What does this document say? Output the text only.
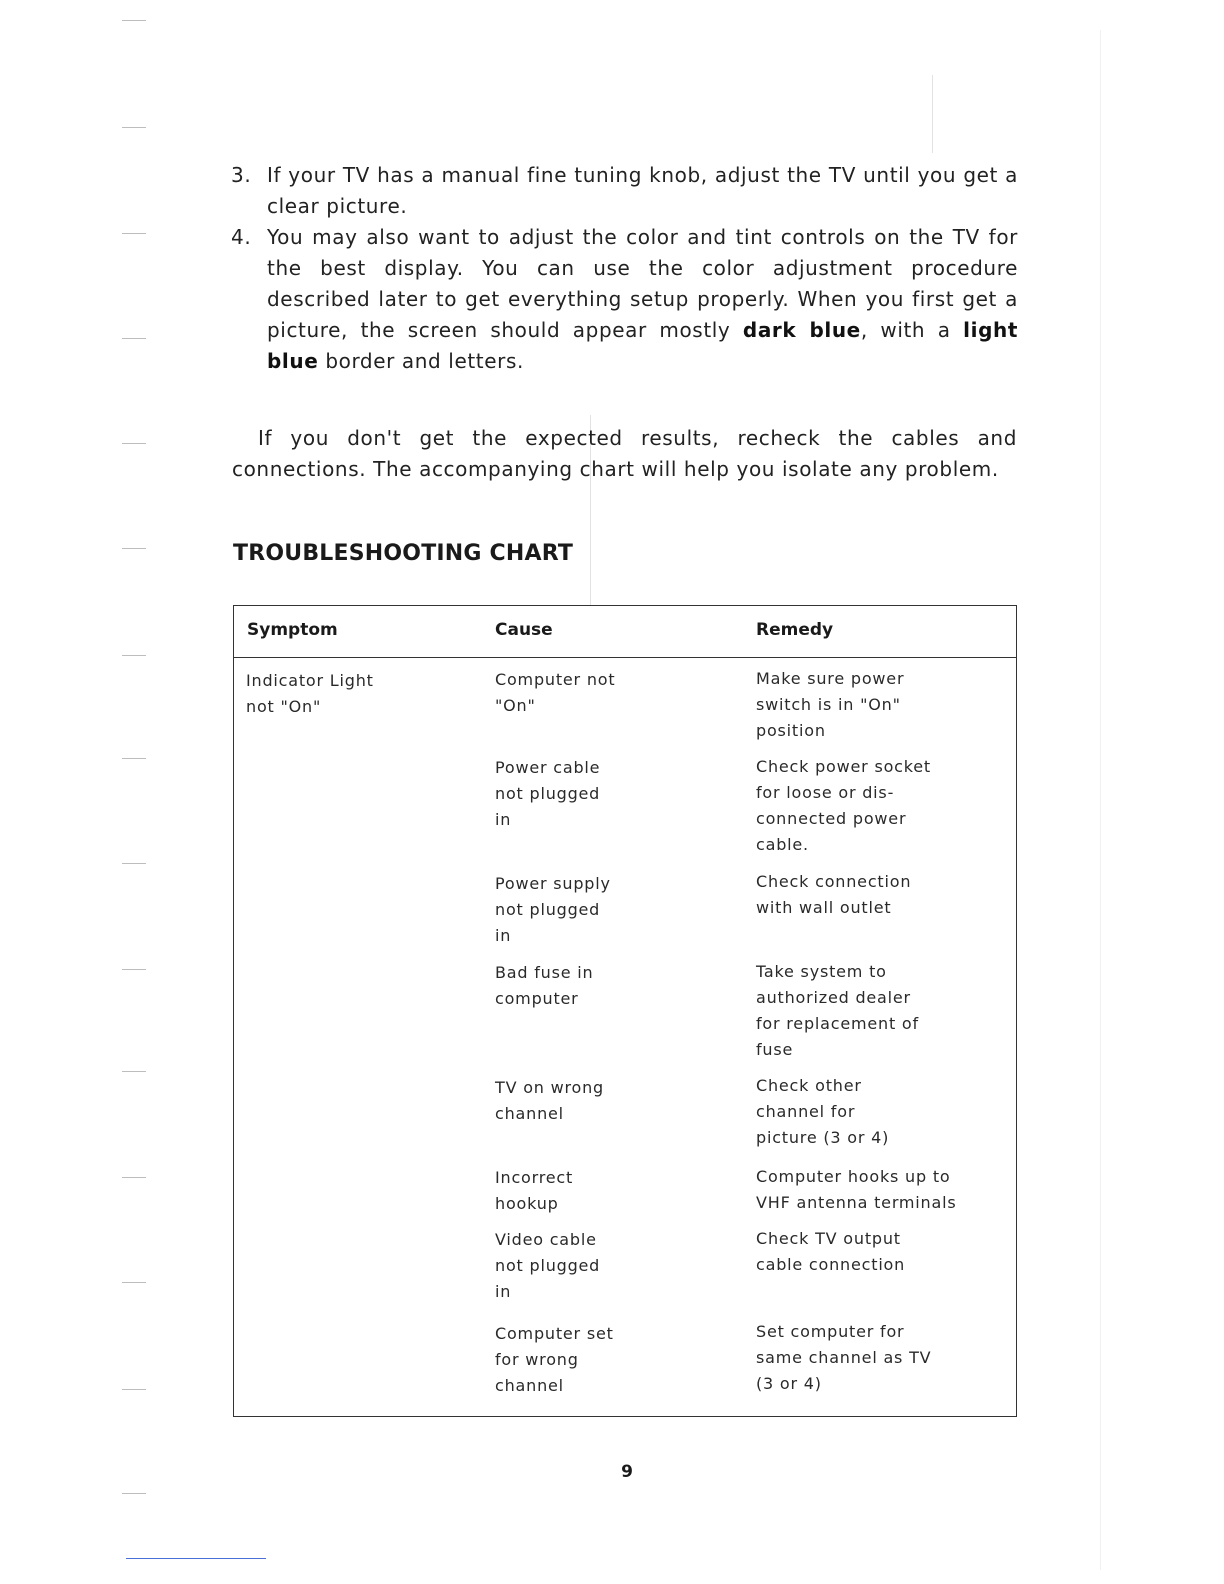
3. If your TV has a manual fine tuning knob, adjust the TV until you get a clear picture.
4. You may also want to adjust the color and tint controls on the TV for the best display. You can use the color adjustment procedure described later to get everything setup properly. When you first get a picture, the screen should appear mostly dark blue, with a light blue border and letters.

If you don't get the expected results, recheck the cables and connections. The accompanying chart will help you isolate any problem.

TROUBLESHOOTING CHART
Symptom	Cause	Remedy
Indicator Light
not "On"
Computer not
"On"
Make sure power
switch is in "On"
position
Power cable
not plugged
in
Check power socket
for loose or dis-
connected power
cable.
Power supply
not plugged
in
Check connection
with wall outlet
Bad fuse in
computer
Take system to
authorized dealer
for replacement of
fuse
TV on wrong
channel
Check other
channel for
picture (3 or 4)
Incorrect
hookup
Computer hooks up to
VHF antenna terminals
Video cable
not plugged
in
Check TV output
cable connection
Computer set
for wrong
channel
Set computer for
same channel as TV
(3 or 4)
9
